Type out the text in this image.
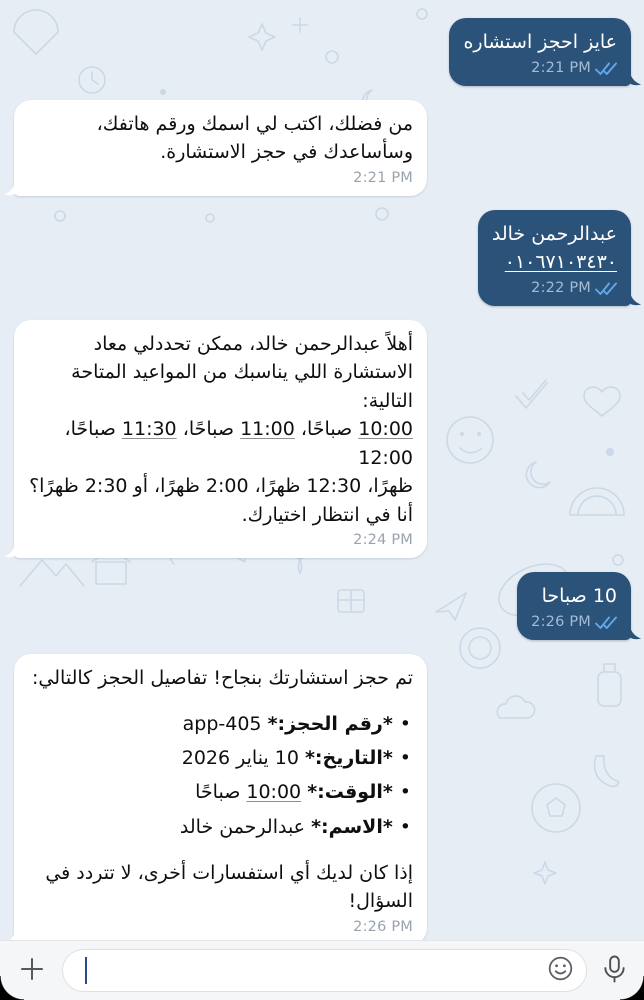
عايز احجز استشاره
2:21 PM
من فضلك، اكتب لي اسمك ورقم هاتفك،
وسأساعدك في حجز الاستشارة.
2:21 PM
عبدالرحمن خالد
٠١٠٦٧١٠٣٤٣٠
2:22 PM
أهلاً عبدالرحمن خالد، ممكن تحددلي معاد
الاستشارة اللي يناسبك من المواعيد المتاحة التالية:
10:00 صباحًا، 11:00 صباحًا، 11:30 صباحًا، 12:00
ظهرًا، 12:30 ظهرًا، 2:00 ظهرًا، أو 2:30 ظهرًا؟
أنا في انتظار اختيارك.
2:24 PM
10 صباحا
2:26 PM
تم حجز استشارتك بنجاح! تفاصيل الحجز كالتالي:
•*رقم الحجز:* app-405
•*التاريخ:* 10 يناير 2026
•*الوقت:* 10:00 صباحًا
•*الاسم:* عبدالرحمن خالد
إذا كان لديك أي استفسارات أخرى، لا تتردد في
السؤال!
2:26 PM
